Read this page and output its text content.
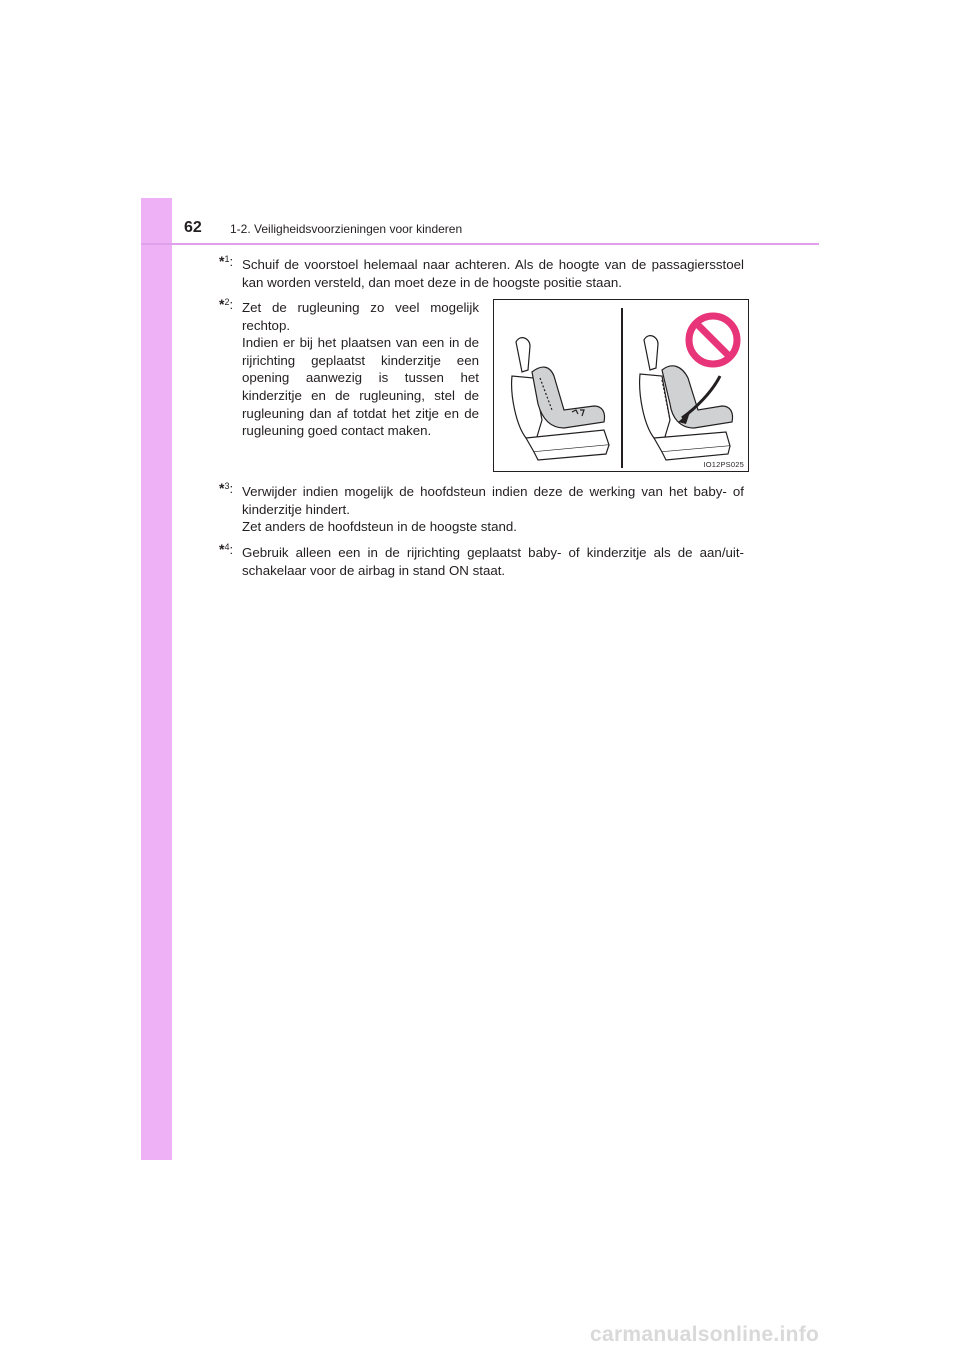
62 1-2. Veiligheidsvoorzieningen voor kinderen
*$^1$: Schuif de voorstoel helemaal naar achteren. Als de hoogte van de passagiersstoel kan worden versteld, dan moet deze in de hoogste positie staan.

*$^2$: Zet de rugleuning zo veel mogelijk rechtop.

Indien er bij het plaatsen van een in de rijrichting geplaatst kinderzitje een opening aanwezig is tussen het kinderzitje en de rugleuning, stel de rugleuning dan af totdat het zitje en de rugleuning goed contact maken.

IO12PS025
*$^3$: Verwijder indien mogelijk de hoofdsteun indien deze de werking van het baby- of kinderzitje hindert.

Zet anders de hoofdsteun in de hoogste stand.

*$^4$: Gebruik alleen een in de rijrichting geplaatst baby- of kinderzitje als de aan/uit-schakelaar voor de airbag in stand ON staat.

carmanualsonline.info
